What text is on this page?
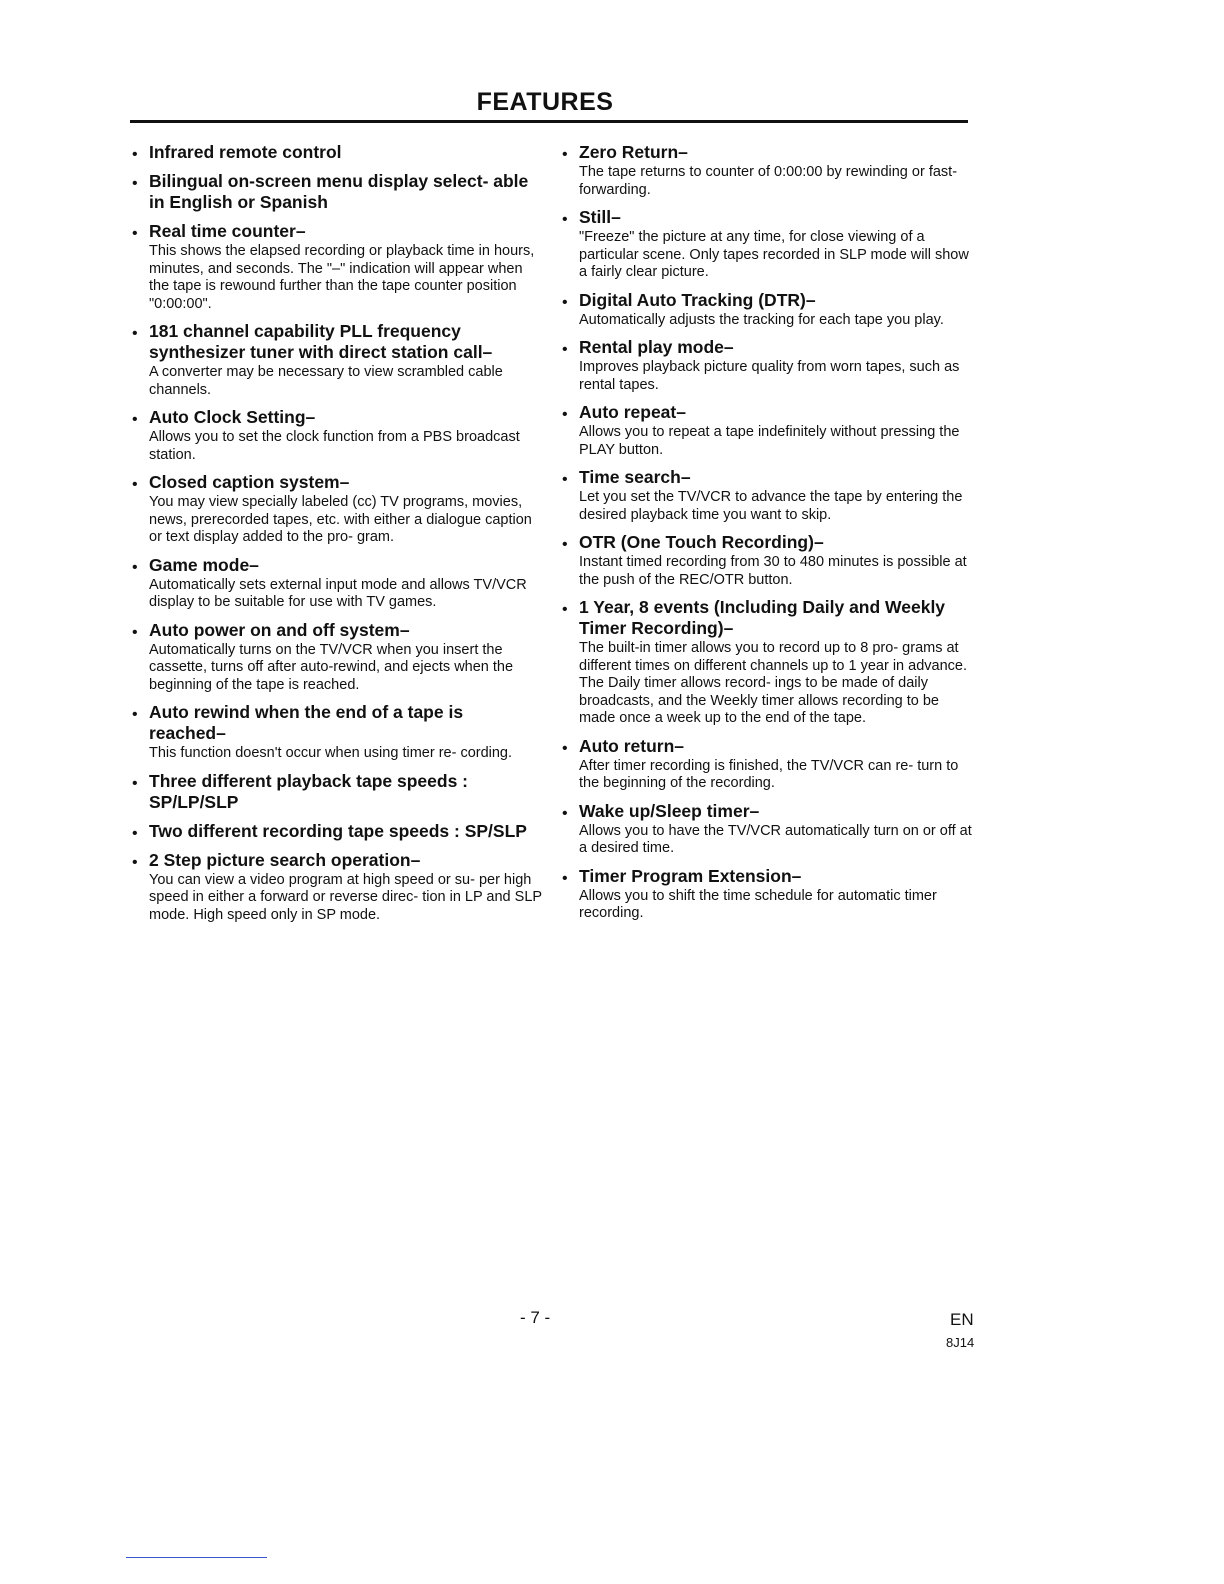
FEATURES
• Infrared remote control
• Bilingual on-screen menu display select- able in English or Spanish
• Real time counter–
This shows the elapsed recording or playback time in hours, minutes, and seconds. The "–" indication will appear when the tape is rewound further than the tape counter position "0:00:00".
• 181 channel capability PLL frequency synthesizer tuner with direct station call–
A converter may be necessary to view scrambled cable channels.
• Auto Clock Setting–
Allows you to set the clock function from a PBS broadcast station.
• Closed caption system–
You may view specially labeled (cc) TV programs, movies, news, prerecorded tapes, etc. with either a dialogue caption or text display added to the pro- gram.
• Game mode–
Automatically sets external input mode and allows TV/VCR display to be suitable for use with TV games.
• Auto power on and off system–
Automatically turns on the TV/VCR when you insert the cassette, turns off after auto-rewind, and ejects when the beginning of the tape is reached.
• Auto rewind when the end of a tape is reached–
This function doesn't occur when using timer re- cording.
• Three different playback tape speeds : SP/LP/SLP
• Two different recording tape speeds : SP/SLP
• 2 Step picture search operation–
You can view a video program at high speed or su- per high speed in either a forward or reverse direc- tion in LP and SLP mode. High speed only in SP mode.
• Zero Return–
The tape returns to counter of 0:00:00 by rewinding or fast-forwarding.
• Still–
"Freeze" the picture at any time, for close viewing of a particular scene. Only tapes recorded in SLP mode will show a fairly clear picture.
• Digital Auto Tracking (DTR)–
Automatically adjusts the tracking for each tape you play.
• Rental play mode–
Improves playback picture quality from worn tapes, such as rental tapes.
• Auto repeat–
Allows you to repeat a tape indefinitely without pressing the PLAY button.
• Time search–
Let you set the TV/VCR to advance the tape by entering the desired playback time you want to skip.
• OTR (One Touch Recording)–
Instant timed recording from 30 to 480 minutes is possible at the push of the REC/OTR button.
• 1 Year, 8 events (Including Daily and Weekly Timer Recording)–
The built-in timer allows you to record up to 8 pro- grams at different times on different channels up to 1 year in advance. The Daily timer allows record- ings to be made of daily broadcasts, and the Weekly timer allows recording to be made once a week up to the end of the tape.
• Auto return–
After timer recording is finished, the TV/VCR can re- turn to the beginning of the recording.
• Wake up/Sleep timer–
Allows you to have the TV/VCR automatically turn on or off at a desired time.
• Timer Program Extension–
Allows you to shift the time schedule for automatic timer recording.
- 7 -	EN
8J14
